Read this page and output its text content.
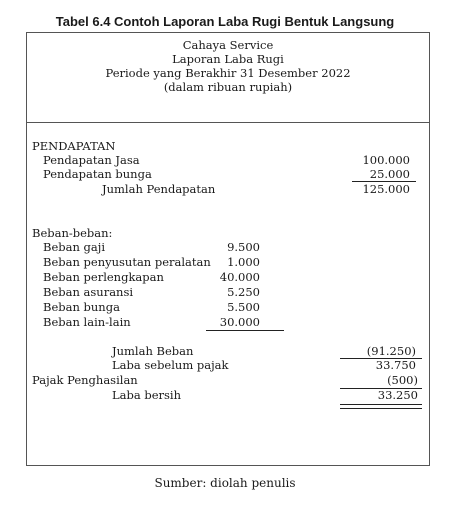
Tabel 6.4 Contoh Laporan Laba Rugi Bentuk Langsung
Cahaya Service
Laporan Laba Rugi
Periode yang Berakhir 31 Desember 2022
(dalam ribuan rupiah)
PENDAPATAN
Pendapatan Jasa	100.000
Pendapatan bunga	25.000
Jumlah Pendapatan	125.000
Beban-beban:
Beban gaji	9.500
Beban penyusutan peralatan	1.000
Beban perlengkapan	40.000
Beban asuransi	5.250
Beban bunga	5.500
Beban lain-lain	30.000
Jumlah Beban	(91.250)
Laba sebelum pajak	33.750
Pajak Penghasilan	(500)
Laba bersih	33.250
Sumber: diolah penulis
